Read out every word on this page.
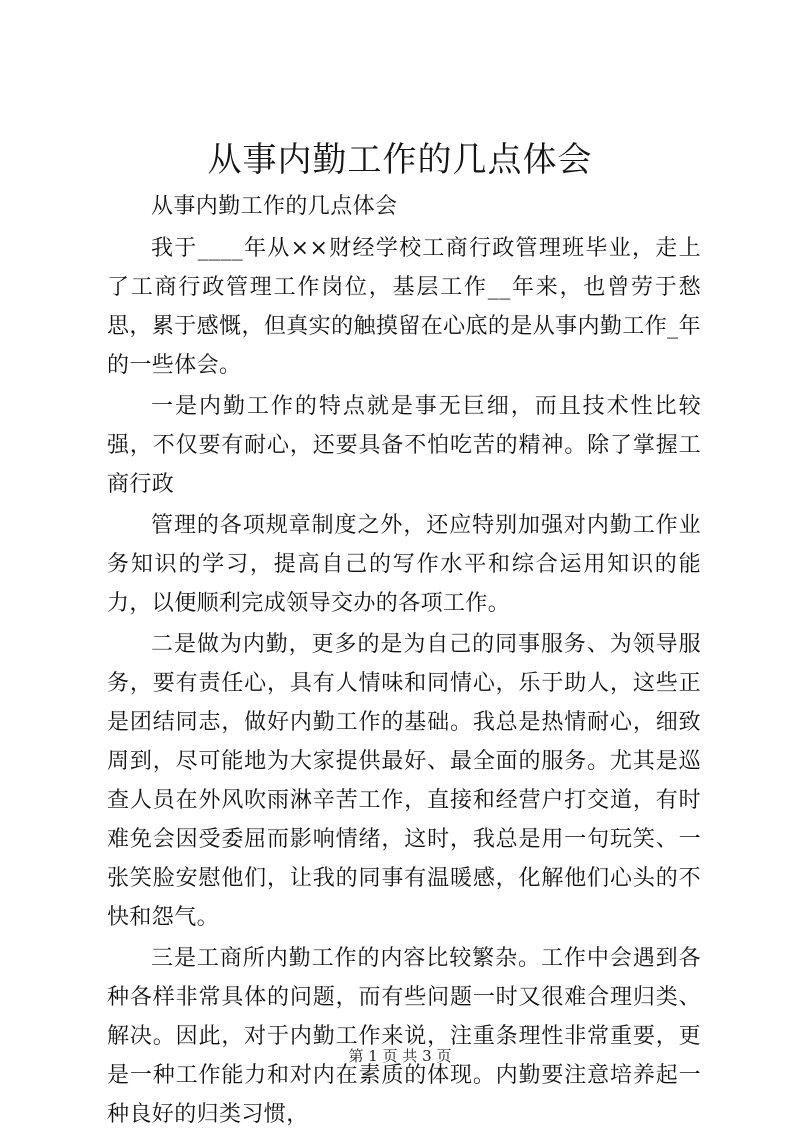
从事内勤工作的几点体会

从事内勤工作的几点体会

我于____年从××财经学校工商行政管理班毕业，走上了工商行政管理工作岗位，基层工作__年来，也曾劳于愁思，累于感慨，但真实的触摸留在心底的是从事内勤工作_年的一些体会。

一是内勤工作的特点就是事无巨细，而且技术性比较强，不仅要有耐心，还要具备不怕吃苦的精神。除了掌握工商行政

管理的各项规章制度之外，还应特别加强对内勤工作业务知识的学习，提高自己的写作水平和综合运用知识的能力，以便顺利完成领导交办的各项工作。

二是做为内勤，更多的是为自己的同事服务、为领导服务，要有责任心，具有人情味和同情心，乐于助人，这些正是团结同志，做好内勤工作的基础。我总是热情耐心，细致周到，尽可能地为大家提供最好、最全面的服务。尤其是巡查人员在外风吹雨淋辛苦工作，直接和经营户打交道，有时难免会因受委屈而影响情绪，这时，我总是用一句玩笑、一张笑脸安慰他们，让我的同事有温暖感，化解他们心头的不快和怨气。

三是工商所内勤工作的内容比较繁杂。工作中会遇到各种各样非常具体的问题，而有些问题一时又很难合理归类、解决。因此，对于内勤工作来说，注重条理性非常重要，更是一种工作能力和对内在素质的体现。内勤要注意培养起一种良好的归类习惯，

第 1 页 共 3 页
